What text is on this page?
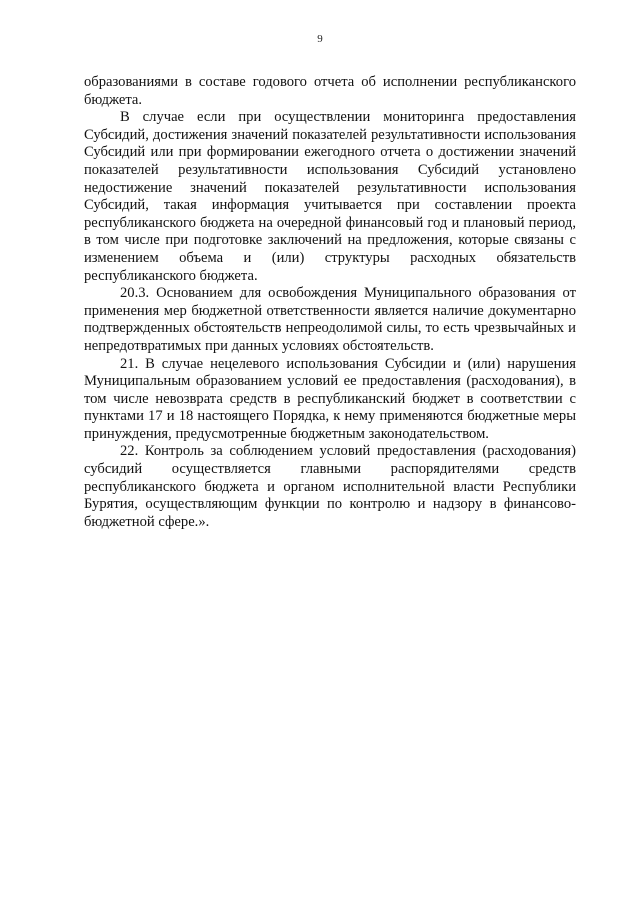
9

образованиями в составе годового отчета об исполнении республиканского бюджета.

В случае если при осуществлении мониторинга предоставления Субсидий, достижения значений показателей результативности использования Субсидий или при формировании ежегодного отчета о достижении значений показателей результативности использования Субсидий установлено недостижение значений показателей результативности использования Субсидий, такая информация учитывается при составлении проекта республиканского бюджета на очередной финансовый год и плановый период, в том числе при подготовке заключений на предложения, которые связаны с изменением объема и (или) структуры расходных обязательств республиканского бюджета.

20.3. Основанием для освобождения Муниципального образования от применения мер бюджетной ответственности является наличие документарно подтвержденных обстоятельств непреодолимой силы, то есть чрезвычайных и непредотвратимых при данных условиях обстоятельств.

21. В случае нецелевого использования Субсидии и (или) нарушения Муниципальным образованием условий ее предоставления (расходования), в том числе невозврата средств в республиканский бюджет в соответствии с пунктами 17 и 18 настоящего Порядка, к нему применяются бюджетные меры принуждения, предусмотренные бюджетным законодательством.

22. Контроль за соблюдением условий предоставления (расходования) субсидий осуществляется главными распорядителями средств республиканского бюджета и органом исполнительной власти Республики Бурятия, осуществляющим функции по контролю и надзору в финансово-бюджетной сфере.».
